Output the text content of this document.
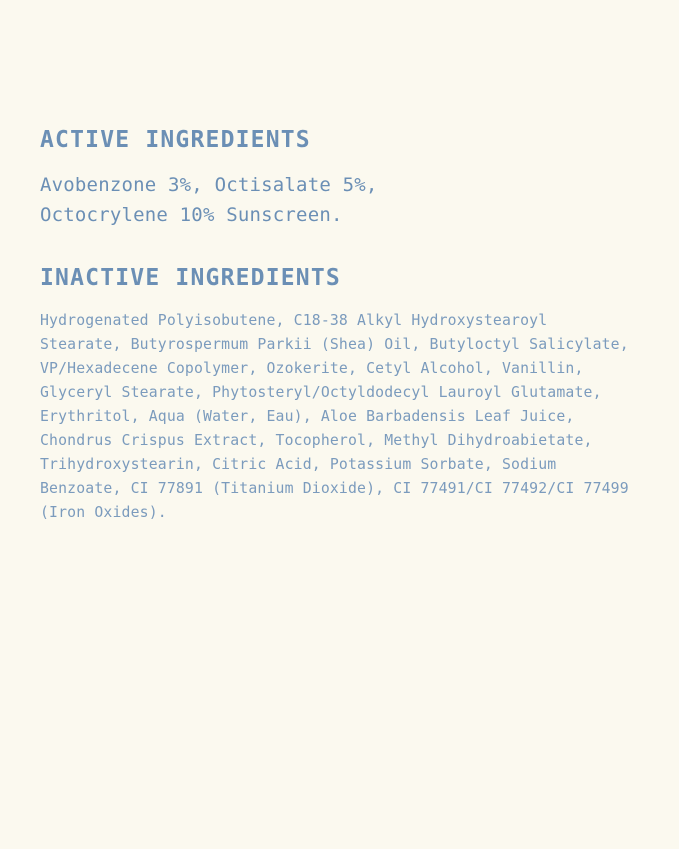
ACTIVE INGREDIENTS

Avobenzone 3%, Octisalate 5%, Octocrylene 10% Sunscreen.

INACTIVE INGREDIENTS

Hydrogenated Polyisobutene, C18-38 Alkyl Hydroxystearoyl Stearate, Butyrospermum Parkii (Shea) Oil, Butyloctyl Salicylate, VP/Hexadecene Copolymer, Ozokerite, Cetyl Alcohol, Vanillin, Glyceryl Stearate, Phytosteryl/Octyldodecyl Lauroyl Glutamate, Erythritol, Aqua (Water, Eau), Aloe Barbadensis Leaf Juice, Chondrus Crispus Extract, Tocopherol, Methyl Dihydroabietate, Trihydroxystearin, Citric Acid, Potassium Sorbate, Sodium Benzoate, CI 77891 (Titanium Dioxide), CI 77491/CI 77492/CI 77499 (Iron Oxides).
